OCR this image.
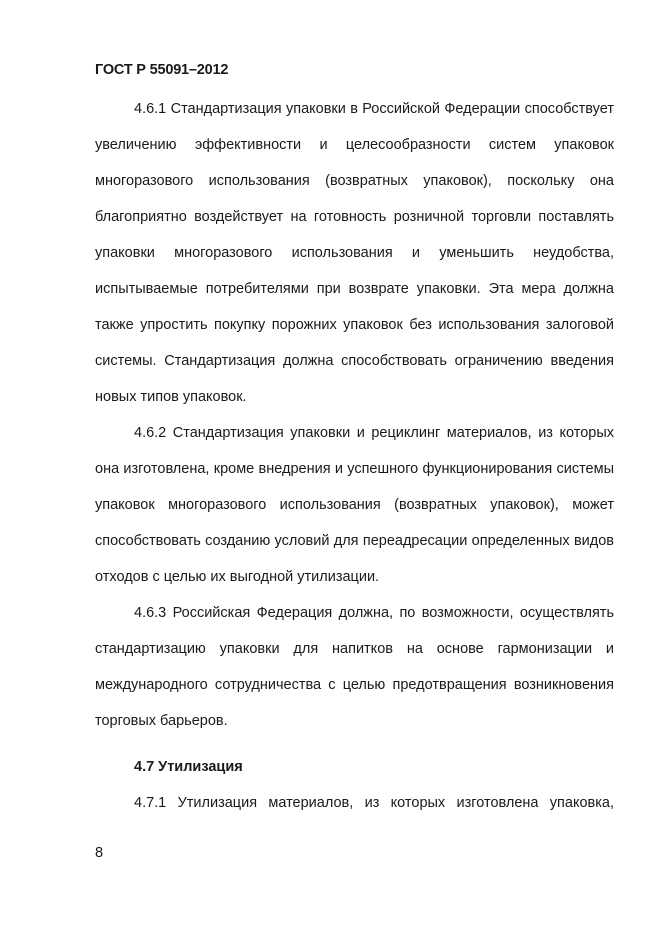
ГОСТ Р 55091–2012

4.6.1 Стандартизация упаковки в Российской Федерации способствует увеличению эффективности и целесообразности систем упаковок многоразового использования (возвратных упаковок), поскольку она благоприятно воздействует на готовность розничной торговли поставлять упаковки многоразового использования и уменьшить неудобства, испытываемые потребителями при возврате упаковки. Эта мера должна также упростить покупку порожних упаковок без использования залоговой системы. Стандартизация должна способствовать ограничению введения новых типов упаковок.

4.6.2 Стандартизация упаковки и рециклинг материалов, из которых она изготовлена, кроме внедрения и успешного функционирования системы упаковок многоразового использования (возвратных упаковок), может способствовать созданию условий для переадресации определенных видов отходов с целью их выгодной утилизации.

4.6.3 Российская Федерация должна, по возможности, осуществлять стандартизацию упаковки для напитков на основе гармонизации и международного сотрудничества с целью предотвращения возникновения торговых барьеров.

4.7 Утилизация

4.7.1 Утилизация материалов, из которых изготовлена упаковка,

8
